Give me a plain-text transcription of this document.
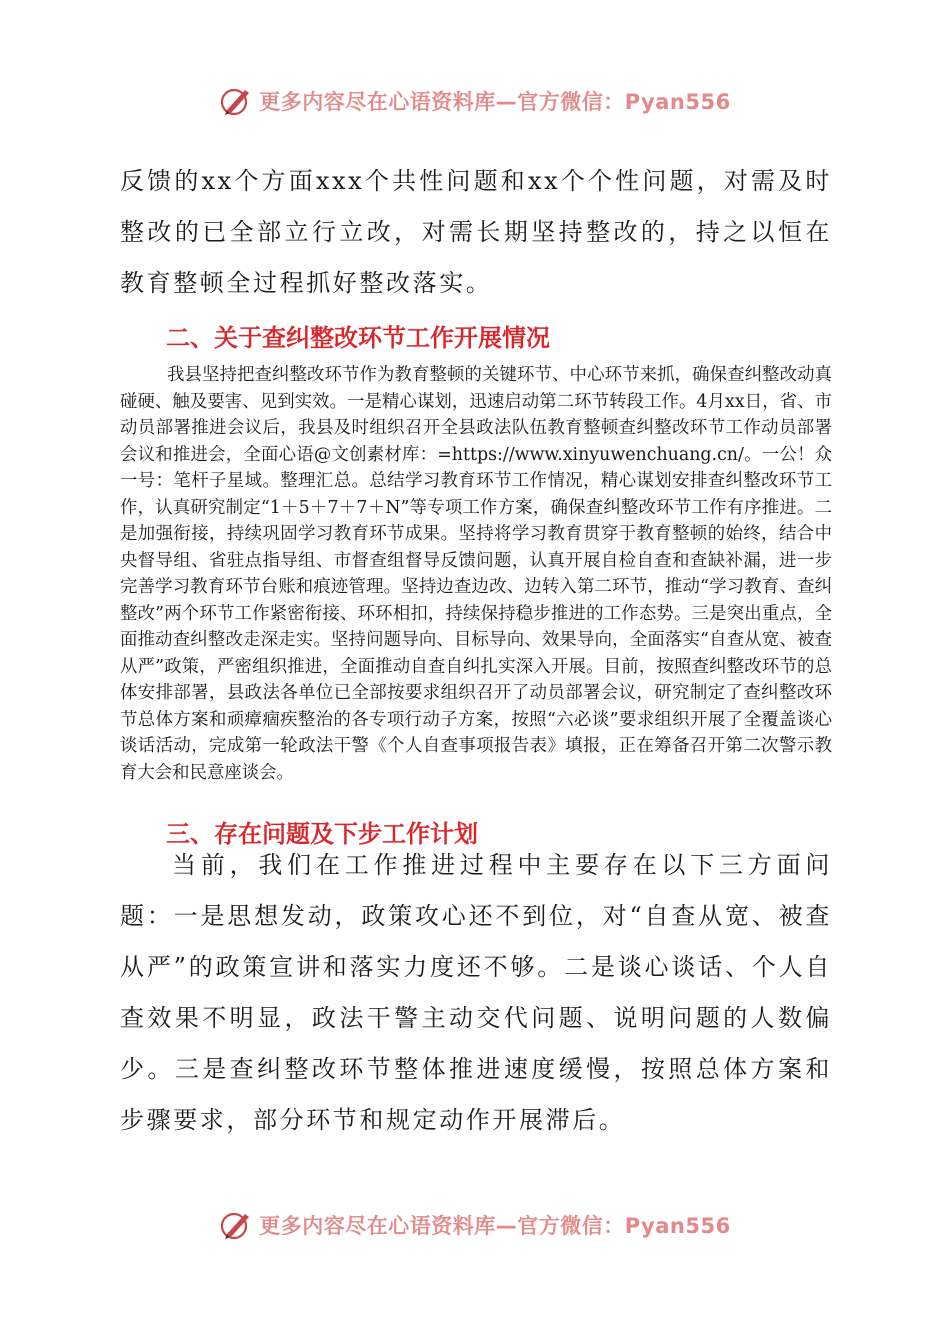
更多内容尽在心语资料库—官方微信：Pyan556

反馈的xx个方面xxx个共性问题和xx个个性问题，对需及时整改的已全部立行立改，对需长期坚持整改的，持之以恒在教育整顿全过程抓好整改落实。

二、关于查纠整改环节工作开展情况

我县坚持把查纠整改环节作为教育整顿的关键环节、中心环节来抓，确保查纠整改动真碰硬、触及要害、见到实效。一是精心谋划，迅速启动第二环节转段工作。4月xx日，省、市动员部署推进会议后，我县及时组织召开全县政法队伍教育整顿查纠整改环节工作动员部署会议和推进会，全面心语@文创素材库：=https://www.xinyuwenchuang.cn/。一公！众一号：笔杆子星域。整理汇总。总结学习教育环节工作情况，精心谋划安排查纠整改环节工作，认真研究制定“1＋5＋7＋7＋N”等专项工作方案，确保查纠整改环节工作有序推进。二是加强衔接，持续巩固学习教育环节成果。坚持将学习教育贯穿于教育整顿的始终，结合中央督导组、省驻点指导组、市督查组督导反馈问题，认真开展自检自查和查缺补漏，进一步完善学习教育环节台账和痕迹管理。坚持边查边改、边转入第二环节，推动“学习教育、查纠整改”两个环节工作紧密衔接、环环相扣，持续保持稳步推进的工作态势。三是突出重点，全面推动查纠整改走深走实。坚持问题导向、目标导向、效果导向，全面落实“自查从宽、被查从严”政策，严密组织推进，全面推动自查自纠扎实深入开展。目前，按照查纠整改环节的总体安排部署，县政法各单位已全部按要求组织召开了动员部署会议，研究制定了查纠整改环节总体方案和顽瘴痼疾整治的各专项行动子方案，按照“六必谈”要求组织开展了全覆盖谈心谈话活动，完成第一轮政法干警《个人自查事项报告表》填报，正在筹备召开第二次警示教育大会和民意座谈会。

三、存在问题及下步工作计划

当前，我们在工作推进过程中主要存在以下三方面问题：一是思想发动，政策攻心还不到位，对“自查从宽、被查从严”的政策宣讲和落实力度还不够。二是谈心谈话、个人自查效果不明显，政法干警主动交代问题、说明问题的人数偏少。三是查纠整改环节整体推进速度缓慢，按照总体方案和步骤要求，部分环节和规定动作开展滞后。

更多内容尽在心语资料库—官方微信：Pyan556
